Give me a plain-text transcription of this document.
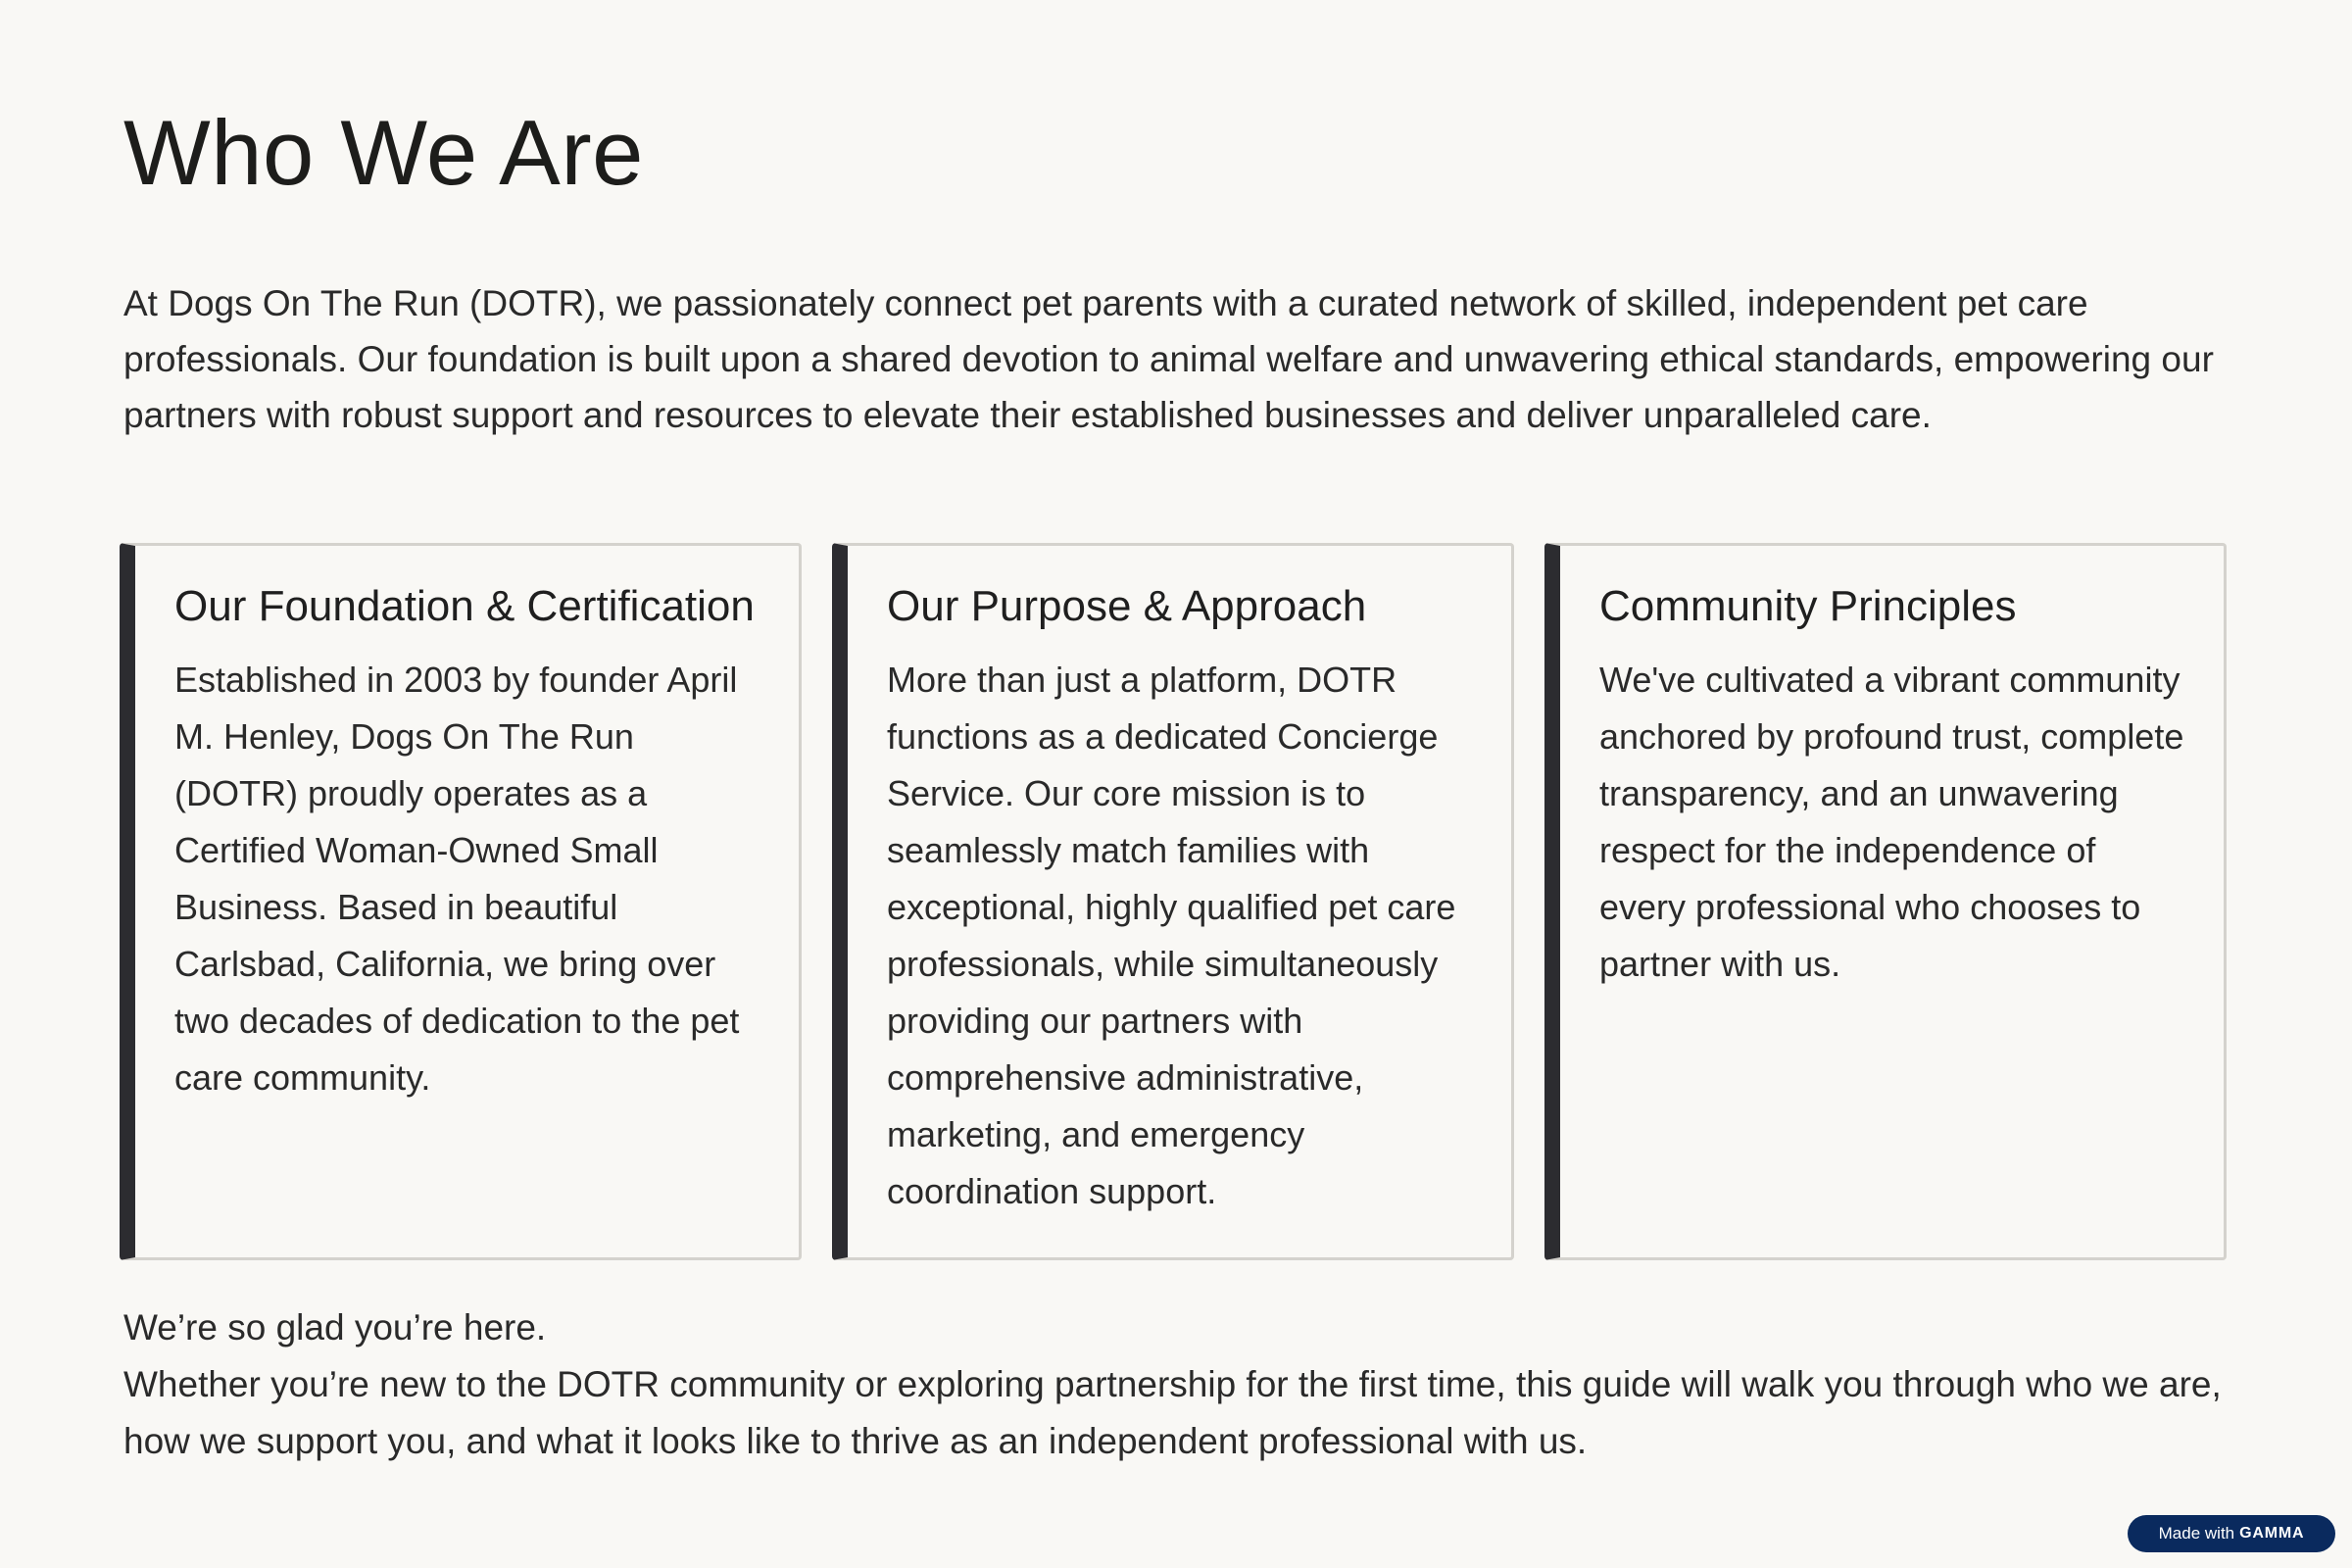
Who We Are

At Dogs On The Run (DOTR), we passionately connect pet parents with a curated network of skilled, independent pet care professionals. Our foundation is built upon a shared devotion to animal welfare and unwavering ethical standards, empowering our partners with robust support and resources to elevate their established businesses and deliver unparalleled care.

Our Foundation & Certification

Established in 2003 by founder April M. Henley, Dogs On The Run (DOTR) proudly operates as a Certified Woman-Owned Small Business. Based in beautiful Carlsbad, California, we bring over two decades of dedication to the pet care community.

Our Purpose & Approach

More than just a platform, DOTR functions as a dedicated Concierge Service. Our core mission is to seamlessly match families with exceptional, highly qualified pet care professionals, while simultaneously providing our partners with comprehensive administrative, marketing, and emergency coordination support.

Community Principles

We've cultivated a vibrant community anchored by profound trust, complete transparency, and an unwavering respect for the independence of every professional who chooses to partner with us.

We’re so glad you’re here.
Whether you’re new to the DOTR community or exploring partnership for the first time, this guide will walk you through who we are, how we support you, and what it looks like to thrive as an independent professional with us.

Made with GAMMA
